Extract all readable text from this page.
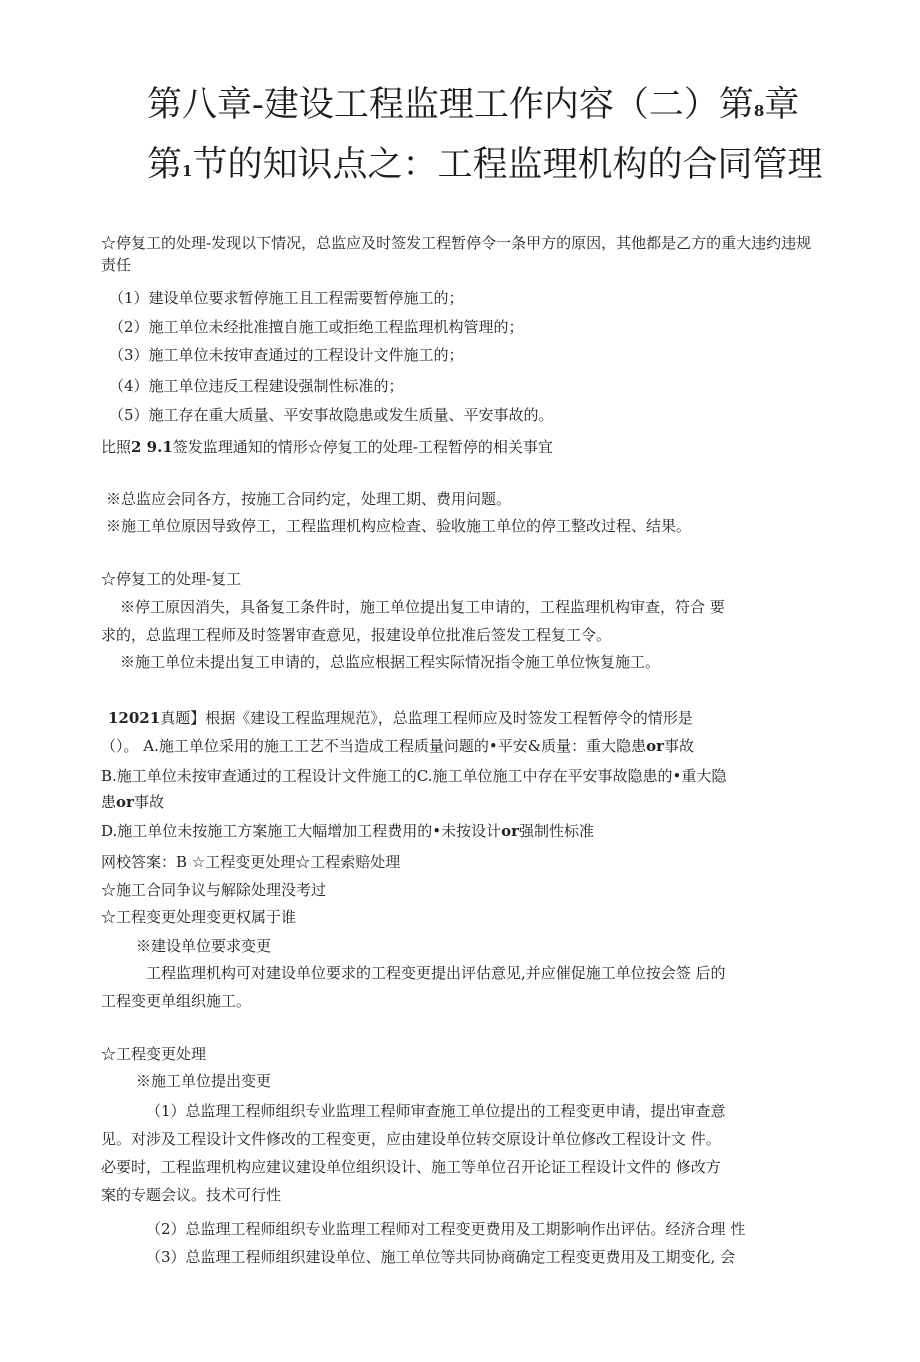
第八章-建设工程监理工作内容（二）第8章第1节的知识点之：工程监理机构的合同管理
☆停复工的处理-发现以下情况，总监应及时签发工程暂停令一条甲方的原因，其他都是乙方的重大违约违规责任
（1）建设单位要求暂停施工且工程需要暂停施工的；
（2）施工单位未经批准擅自施工或拒绝工程监理机构管理的；
（3）施工单位未按审查通过的工程设计文件施工的；
（4）施工单位违反工程建设强制性标准的；
（5）施工存在重大质量、平安事故隐患或发生质量、平安事故的。
比照2 9.1签发监理通知的情形☆停复工的处理-工程暂停的相关事宜
※总监应会同各方，按施工合同约定，处理工期、费用问题。
※施工单位原因导致停工，工程监理机构应检查、验收施工单位的停工整改过程、结果。
☆停复工的处理-复工
※停工原因消失，具备复工条件时，施工单位提出复工申请的，工程监理机构审查，符合 要
求的，总监理工程师及时签署审查意见，报建设单位批准后签发工程复工令。
※施工单位未提出复工申请的，总监应根据工程实际情况指令施工单位恢复施工。
12021真题】根据《建设工程监理规范》，总监理工程师应及时签发工程暂停令的情形是
（）。 A.施工单位采用的施工工艺不当造成工程质量问题的•平安&质量：重大隐患or事故
B.施工单位未按审查通过的工程设计文件施工的C.施工单位施工中存在平安事故隐患的•重大隐
患or事故
D.施工单位未按施工方案施工大幅增加工程费用的•未按设计or强制性标准
网校答案：B ☆工程变更处理☆工程索赔处理
☆施工合同争议与解除处理没考过
☆工程变更处理变更权属于谁
※建设单位要求变更
工程监理机构可对建设单位要求的工程变更提出评估意见,并应催促施工单位按会签 后的
工程变更单组织施工。
☆工程变更处理
※施工单位提出变更
（1）总监理工程师组织专业监理工程师审查施工单位提出的工程变更申请，提出审查意
见。对涉及工程设计文件修改的工程变更，应由建设单位转交原设计单位修改工程设计文 件。
必要时，工程监理机构应建议建设单位组织设计、施工等单位召开论证工程设计文件的 修改方
案的专题会议。技术可行性
（2）总监理工程师组织专业监理工程师对工程变更费用及工期影响作出评估。经济合理 性
（3）总监理工程师组织建设单位、施工单位等共同协商确定工程变更费用及工期变化, 会
